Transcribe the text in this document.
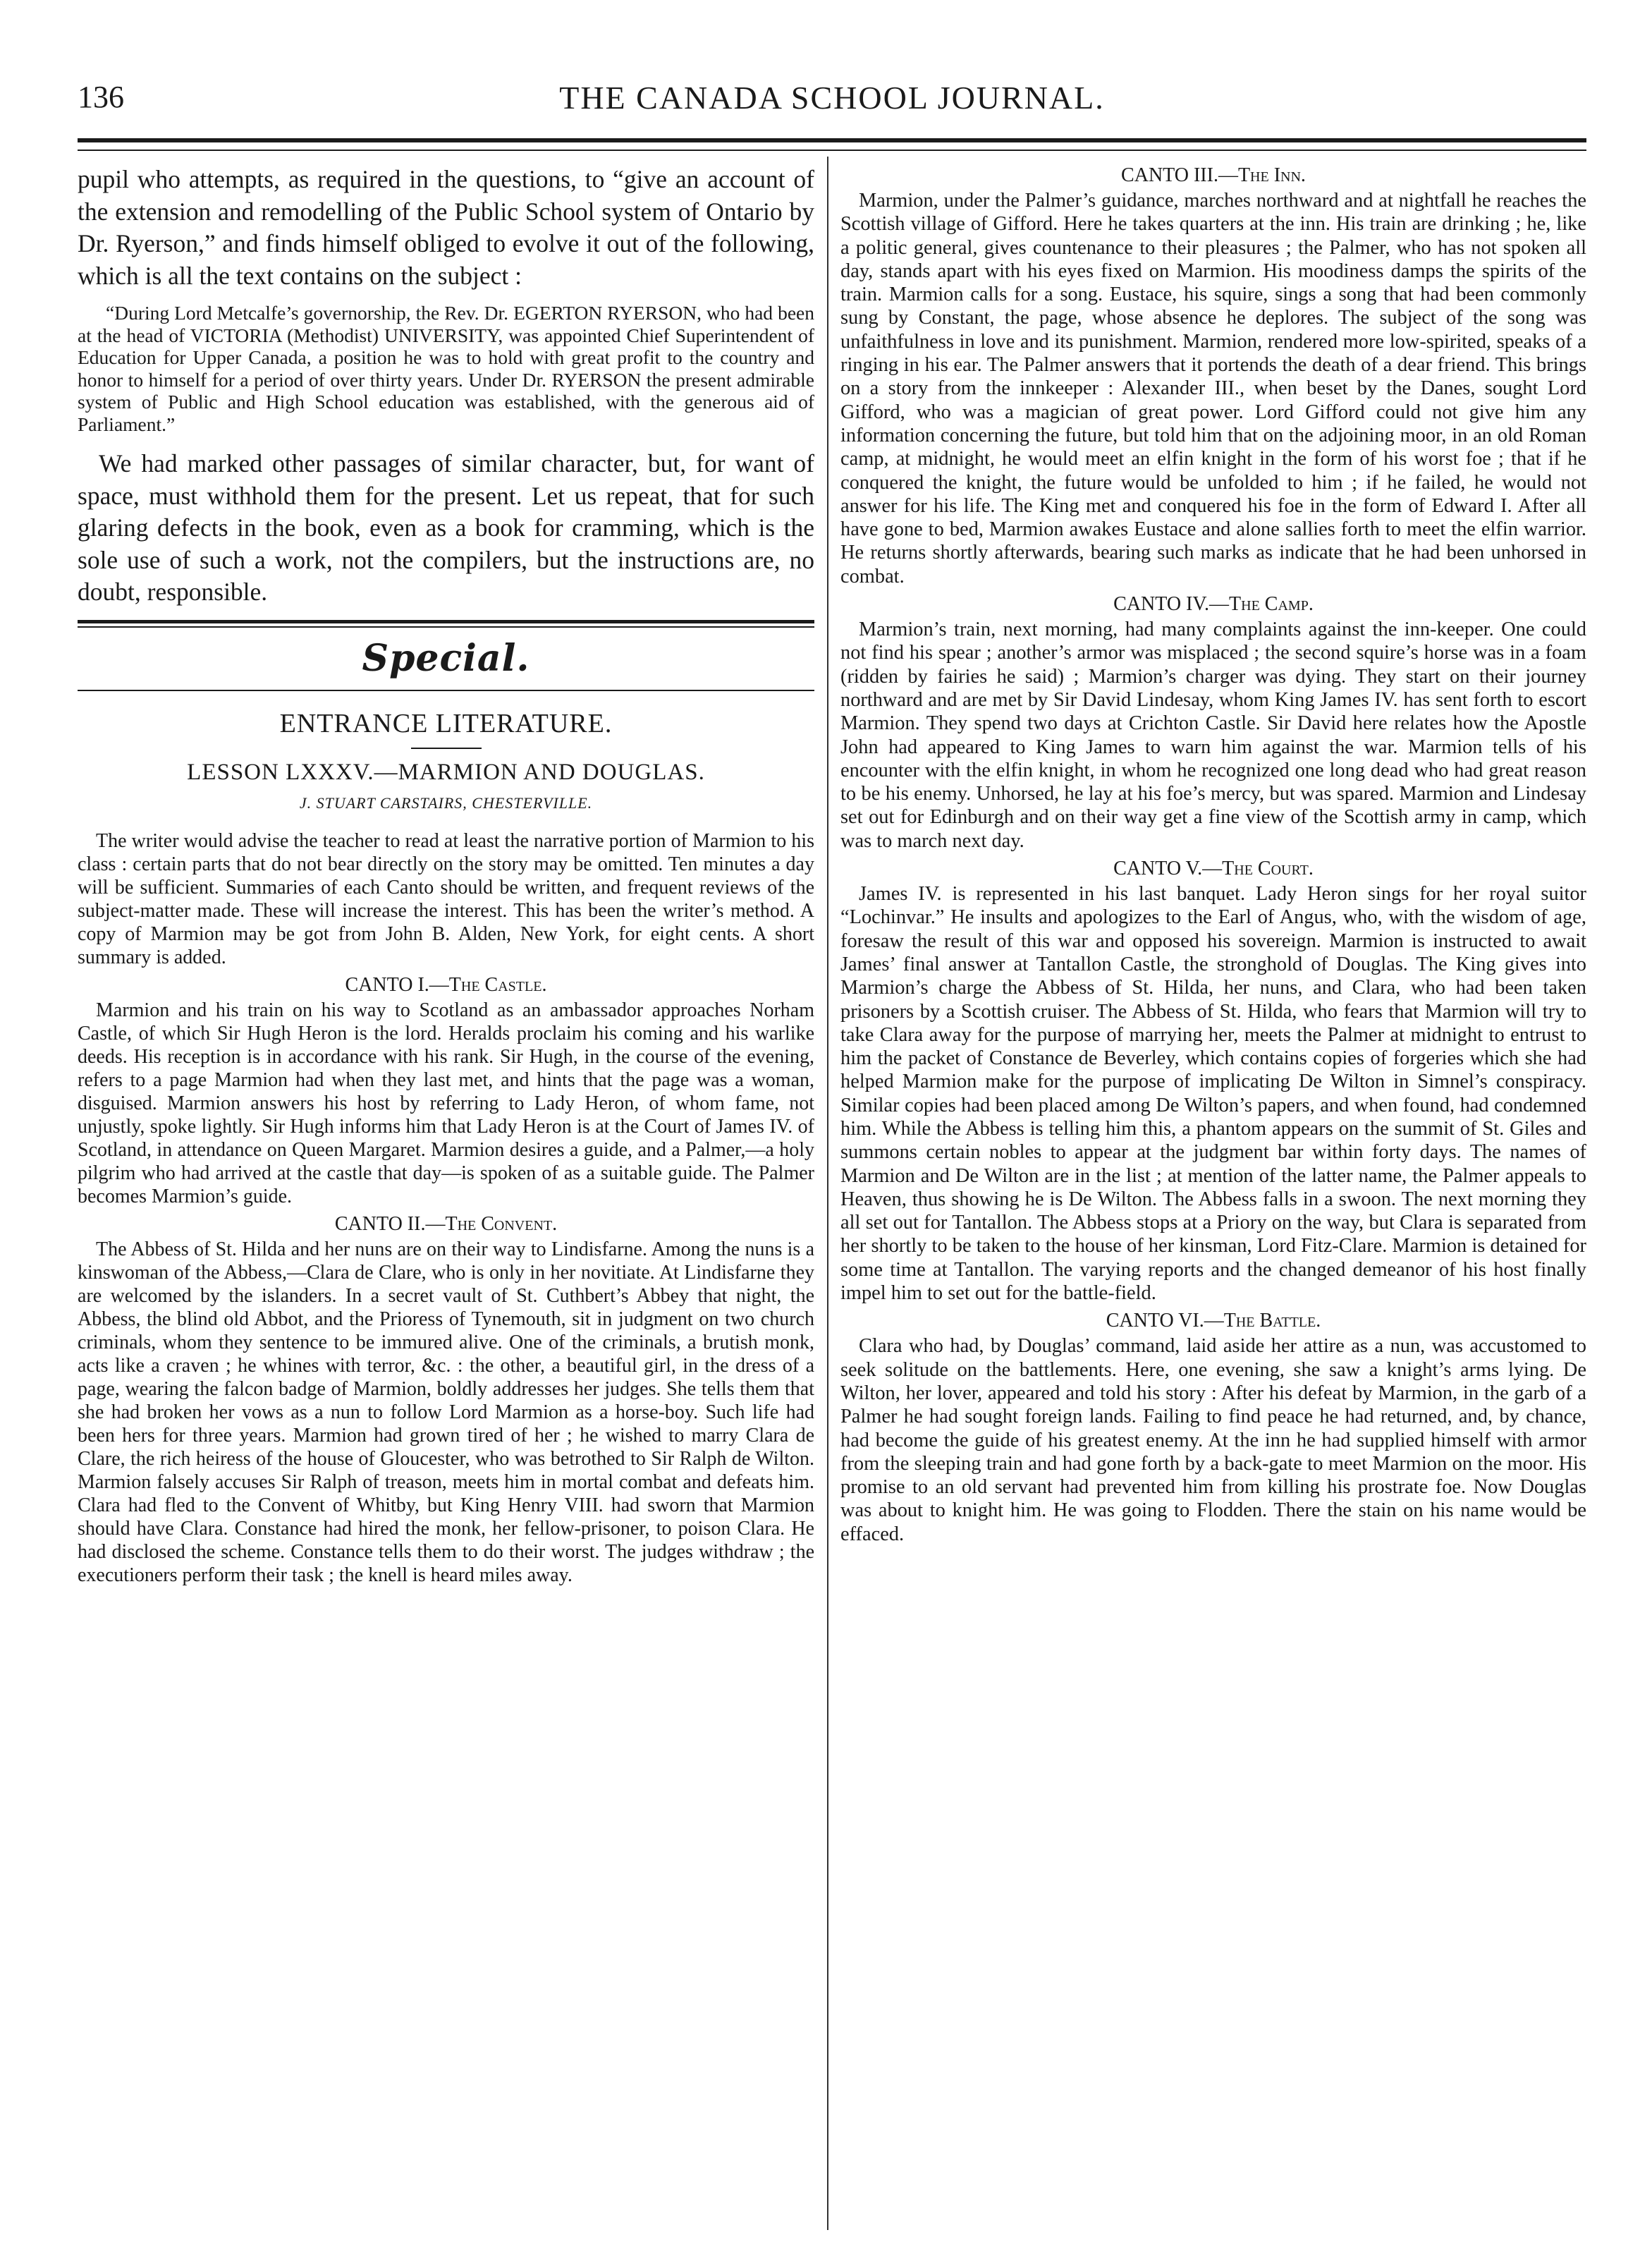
136	THE CANADA SCHOOL JOURNAL.

pupil who attempts, as required in the questions, to “give an account of the extension and remodelling of the Public School system of Ontario by Dr. Ryerson,” and finds himself obliged to evolve it out of the following, which is all the text contains on the subject :

“During Lord Metcalfe’s governorship, the Rev. Dr. EGERTON RYERSON, who had been at the head of VICTORIA (Methodist) UNIVERSITY, was appointed Chief Superintendent of Education for Upper Canada, a position he was to hold with great profit to the country and honor to himself for a period of over thirty years. Under Dr. RYERSON the present admirable system of Public and High School education was established, with the generous aid of Parliament.”

We had marked other passages of similar character, but, for want of space, must withhold them for the present. Let us repeat, that for such glaring defects in the book, even as a book for cramming, which is the sole use of such a work, not the compilers, but the instructions are, no doubt, responsible.

Special.
ENTRANCE LITERATURE.
LESSON LXXXV.—MARMION AND DOUGLAS.
J. STUART CARSTAIRS, CHESTERVILLE.

The writer would advise the teacher to read at least the narrative portion of Marmion to his class : certain parts that do not bear directly on the story may be omitted. Ten minutes a day will be sufficient. Summaries of each Canto should be written, and frequent reviews of the subject-matter made. These will increase the interest. This has been the writer’s method. A copy of Marmion may be got from John B. Alden, New York, for eight cents. A short summary is added.

CANTO I.—The Castle.

Marmion and his train on his way to Scotland as an ambassador approaches Norham Castle, of which Sir Hugh Heron is the lord. Heralds proclaim his coming and his warlike deeds. His reception is in accordance with his rank. Sir Hugh, in the course of the evening, refers to a page Marmion had when they last met, and hints that the page was a woman, disguised. Marmion answers his host by referring to Lady Heron, of whom fame, not unjustly, spoke lightly. Sir Hugh informs him that Lady Heron is at the Court of James IV. of Scotland, in attendance on Queen Margaret. Marmion desires a guide, and a Palmer,—a holy pilgrim who had arrived at the castle that day—is spoken of as a suitable guide. The Palmer becomes Marmion’s guide.

CANTO II.—The Convent.

The Abbess of St. Hilda and her nuns are on their way to Lindisfarne. Among the nuns is a kinswoman of the Abbess,—Clara de Clare, who is only in her novitiate. At Lindisfarne they are welcomed by the islanders. In a secret vault of St. Cuthbert’s Abbey that night, the Abbess, the blind old Abbot, and the Prioress of Tynemouth, sit in judgment on two church criminals, whom they sentence to be immured alive. One of the criminals, a brutish monk, acts like a craven ; he whines with terror, &c. : the other, a beautiful girl, in the dress of a page, wearing the falcon badge of Marmion, boldly addresses her judges. She tells them that she had broken her vows as a nun to follow Lord Marmion as a horse-boy. Such life had been hers for three years. Marmion had grown tired of her ; he wished to marry Clara de Clare, the rich heiress of the house of Gloucester, who was betrothed to Sir Ralph de Wilton. Marmion falsely accuses Sir Ralph of treason, meets him in mortal combat and defeats him. Clara had fled to the Convent of Whitby, but King Henry VIII. had sworn that Marmion should have Clara. Constance had hired the monk, her fellow-prisoner, to poison Clara. He had disclosed the scheme. Constance tells them to do their worst. The judges withdraw ; the executioners perform their task ; the knell is heard miles away.

CANTO III.—The Inn.

Marmion, under the Palmer’s guidance, marches northward and at nightfall he reaches the Scottish village of Gifford. Here he takes quarters at the inn. His train are drinking ; he, like a politic general, gives countenance to their pleasures ; the Palmer, who has not spoken all day, stands apart with his eyes fixed on Marmion. His moodiness damps the spirits of the train. Marmion calls for a song. Eustace, his squire, sings a song that had been commonly sung by Constant, the page, whose absence he deplores. The subject of the song was unfaithfulness in love and its punishment. Marmion, rendered more low-spirited, speaks of a ringing in his ear. The Palmer answers that it portends the death of a dear friend. This brings on a story from the innkeeper : Alexander III., when beset by the Danes, sought Lord Gifford, who was a magician of great power. Lord Gifford could not give him any information concerning the future, but told him that on the adjoining moor, in an old Roman camp, at midnight, he would meet an elfin knight in the form of his worst foe ; that if he conquered the knight, the future would be unfolded to him ; if he failed, he would not answer for his life. The King met and conquered his foe in the form of Edward I. After all have gone to bed, Marmion awakes Eustace and alone sallies forth to meet the elfin warrior. He returns shortly afterwards, bearing such marks as indicate that he had been unhorsed in combat.

CANTO IV.—The Camp.

Marmion’s train, next morning, had many complaints against the inn-keeper. One could not find his spear ; another’s armor was misplaced ; the second squire’s horse was in a foam (ridden by fairies he said) ; Marmion’s charger was dying. They start on their journey northward and are met by Sir David Lindesay, whom King James IV. has sent forth to escort Marmion. They spend two days at Crichton Castle. Sir David here relates how the Apostle John had appeared to King James to warn him against the war. Marmion tells of his encounter with the elfin knight, in whom he recognized one long dead who had great reason to be his enemy. Unhorsed, he lay at his foe’s mercy, but was spared. Marmion and Lindesay set out for Edinburgh and on their way get a fine view of the Scottish army in camp, which was to march next day.

CANTO V.—The Court.

James IV. is represented in his last banquet. Lady Heron sings for her royal suitor “Lochinvar.” He insults and apologizes to the Earl of Angus, who, with the wisdom of age, foresaw the result of this war and opposed his sovereign. Marmion is instructed to await James’ final answer at Tantallon Castle, the stronghold of Douglas. The King gives into Marmion’s charge the Abbess of St. Hilda, her nuns, and Clara, who had been taken prisoners by a Scottish cruiser. The Abbess of St. Hilda, who fears that Marmion will try to take Clara away for the purpose of marrying her, meets the Palmer at midnight to entrust to him the packet of Constance de Beverley, which contains copies of forgeries which she had helped Marmion make for the purpose of implicating De Wilton in Simnel’s conspiracy. Similar copies had been placed among De Wilton’s papers, and when found, had condemned him. While the Abbess is telling him this, a phantom appears on the summit of St. Giles and summons certain nobles to appear at the judgment bar within forty days. The names of Marmion and De Wilton are in the list ; at mention of the latter name, the Palmer appeals to Heaven, thus showing he is De Wilton. The Abbess falls in a swoon. The next morning they all set out for Tantallon. The Abbess stops at a Priory on the way, but Clara is separated from her shortly to be taken to the house of her kinsman, Lord Fitz-Clare. Marmion is detained for some time at Tantallon. The varying reports and the changed demeanor of his host finally impel him to set out for the battle-field.

CANTO VI.—The Battle.

Clara who had, by Douglas’ command, laid aside her attire as a nun, was accustomed to seek solitude on the battlements. Here, one evening, she saw a knight’s arms lying. De Wilton, her lover, appeared and told his story : After his defeat by Marmion, in the garb of a Palmer he had sought foreign lands. Failing to find peace he had returned, and, by chance, had become the guide of his greatest enemy. At the inn he had supplied himself with armor from the sleeping train and had gone forth by a back-gate to meet Marmion on the moor. His promise to an old servant had prevented him from killing his prostrate foe. Now Douglas was about to knight him. He was going to Flodden. There the stain on his name would be effaced.
